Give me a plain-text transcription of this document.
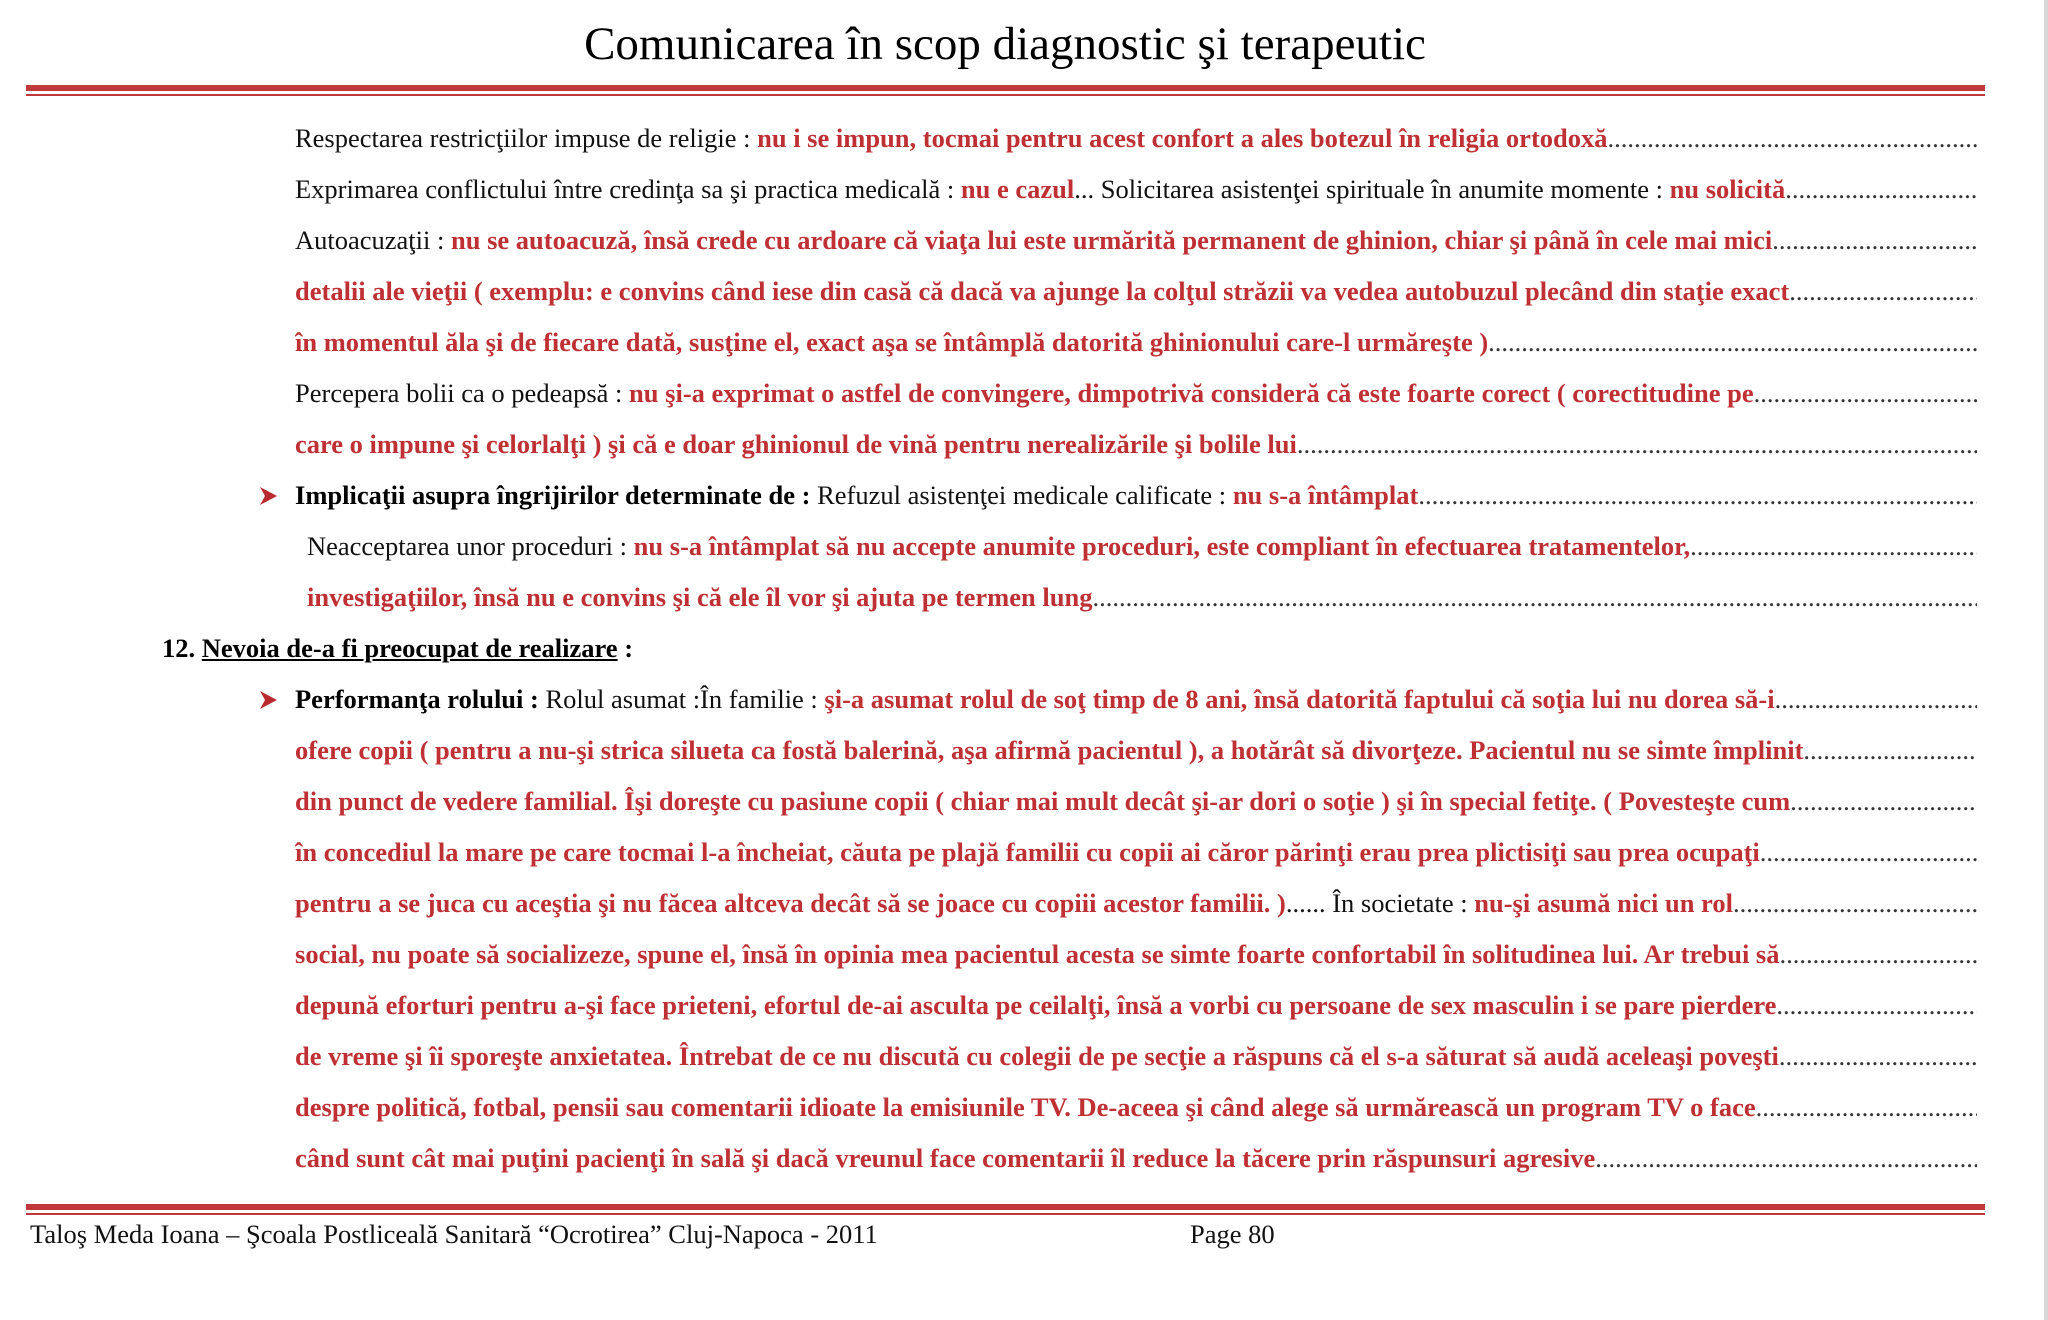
Comunicarea în scop diagnostic şi terapeutic
Respectarea restricţiilor impuse de religie : nu i se impun, tocmai pentru acest confort a ales botezul în religia ortodoxă
.....
Exprimarea conflictului între credinţa sa şi practica medicală : nu e cazul ... Solicitarea asistenţei spirituale în anumite momente : nu solicită
.....
Autoacuzaţii : nu se autoacuză, însă crede cu ardoare că viaţa lui este urmărită permanent de ghinion, chiar şi până în cele mai mici
.....
detalii ale vieţii ( exemplu: e convins când iese din casă că dacă va ajunge la colţul străzii va vedea autobuzul plecând din staţie exact
.....
în momentul ăla şi de fiecare dată, susţine el, exact aşa se întâmplă datorită ghinionului care-l urmăreşte )
.....
Percepera bolii ca o pedeapsă : nu şi-a exprimat o astfel de convingere, dimpotrivă consideră că este foarte corect ( corectitudine pe
.....
care o impune şi celorlalţi ) şi că e doar ghinionul de vină pentru nerealizările şi bolile lui
.....
Implicaţii asupra îngrijirilor determinate de : Refuzul asistenţei medicale calificate : nu s-a întâmplat
.....
Neacceptarea unor proceduri : nu s-a întâmplat să nu accepte anumite proceduri, este compliant în efectuarea tratamentelor,
.....
investigaţiilor, însă nu e convins şi că ele îl vor şi ajuta pe termen lung
.....
12. Nevoia de-a fi preocupat de realizare :
Performanţa rolului : Rolul asumat :În familie : şi-a asumat rolul de soţ timp de 8 ani, însă datorită faptului că soţia lui nu dorea să-i
.....
ofere copii ( pentru a nu-şi strica silueta ca fostă balerină, aşa afirmă pacientul ), a hotărât să divorţeze. Pacientul nu se simte împlinit
.....
din punct de vedere familial. Îşi doreşte cu pasiune copii ( chiar mai mult decât şi-ar dori o soţie ) şi în special fetiţe. ( Povesteşte cum
.....
în concediul la mare pe care tocmai l-a încheiat, căuta pe plajă familii cu copii ai căror părinţi erau prea plictisiţi sau prea ocupaţi
.....
pentru a se juca cu aceştia şi nu făcea altceva decât să se joace cu copiii acestor familii. ) ...... În societate : nu-şi asumă nici un rol
.....
social, nu poate să socializeze, spune el, însă în opinia mea pacientul acesta se simte foarte confortabil în solitudinea lui. Ar trebui să
.....
depună eforturi pentru a-şi face prieteni, efortul de-ai asculta pe ceilalţi, însă a vorbi cu persoane de sex masculin i se pare pierdere
.....
de vreme şi îi sporeşte anxietatea. Întrebat de ce nu discută cu colegii de pe secţie a răspuns că el s-a săturat să audă aceleaşi poveşti
.....
despre politică, fotbal, pensii sau comentarii idioate la emisiunile TV. De-aceea şi când alege să urmărească un program TV o face
.....
când sunt cât mai puţini pacienţi în sală şi dacă vreunul face comentarii îl reduce la tăcere prin răspunsuri agresive
.....
Taloş Meda Ioana – Şcoala Postliceală Sanitară “Ocrotirea” Cluj-Napoca - 2011	Page 80
